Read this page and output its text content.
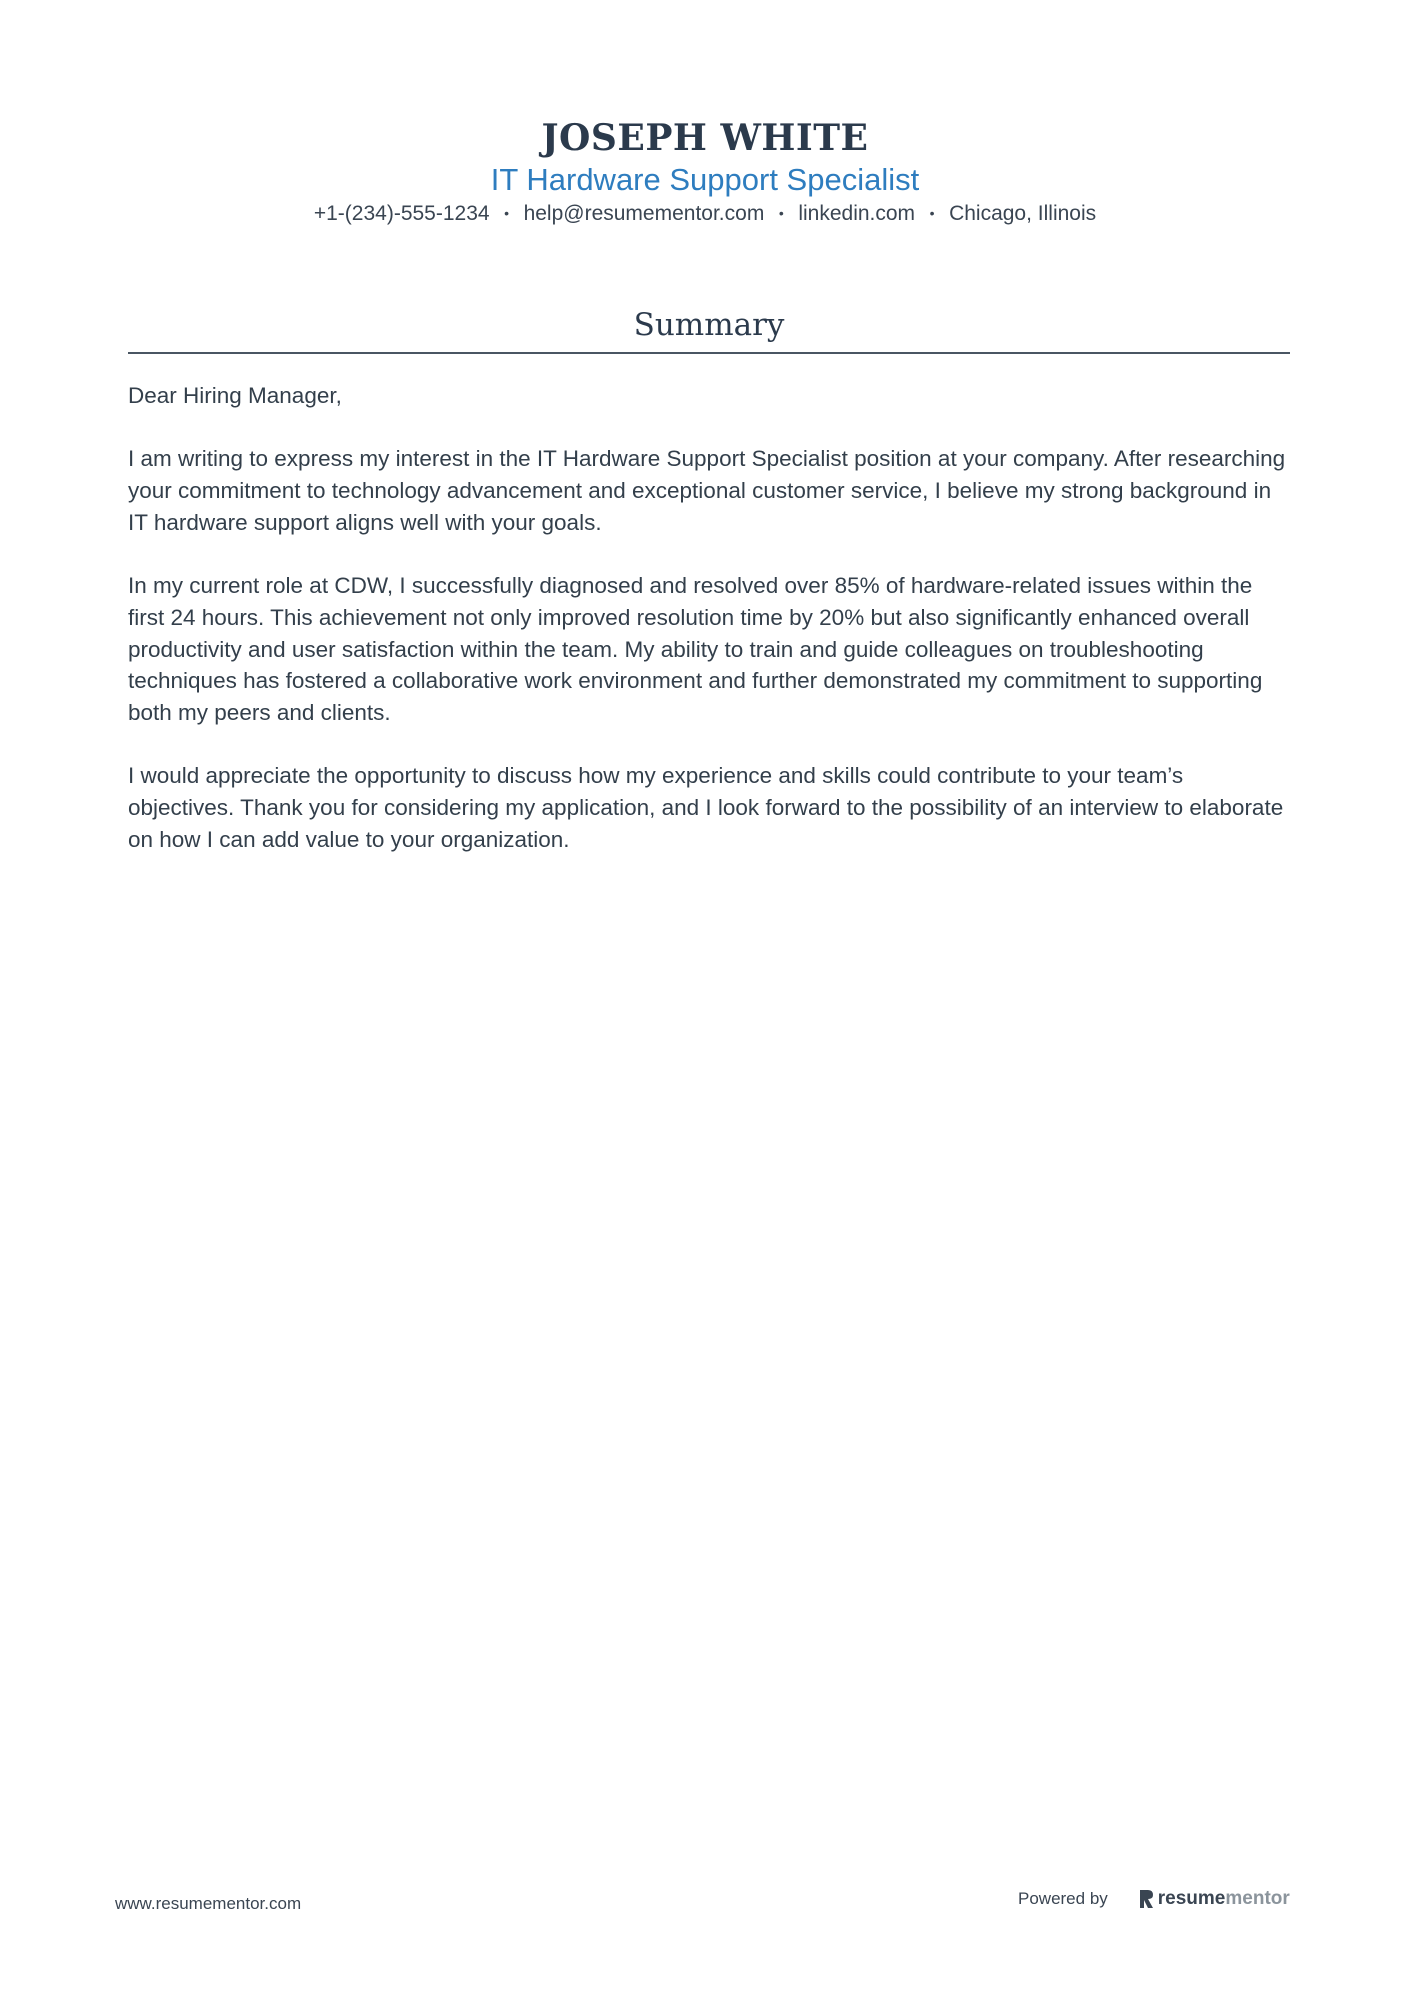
JOSEPH WHITE
IT Hardware Support Specialist
+1-(234)-555-1234 • help@resumementor.com • linkedin.com • Chicago, Illinois
Summary

Dear Hiring Manager,

I am writing to express my interest in the IT Hardware Support Specialist position at your company. After researching your commitment to technology advancement and exceptional customer service, I believe my strong background in IT hardware support aligns well with your goals.

In my current role at CDW, I successfully diagnosed and resolved over 85% of hardware-related issues within the first 24 hours. This achievement not only improved resolution time by 20% but also significantly enhanced overall productivity and user satisfaction within the team. My ability to train and guide colleagues on troubleshooting techniques has fostered a collaborative work environment and further demonstrated my commitment to supporting both my peers and clients.

I would appreciate the opportunity to discuss how my experience and skills could contribute to your team’s objectives. Thank you for considering my application, and I look forward to the possibility of an interview to elaborate on how I can add value to your organization.

www.resumementor.com	Powered by	resume mentor
